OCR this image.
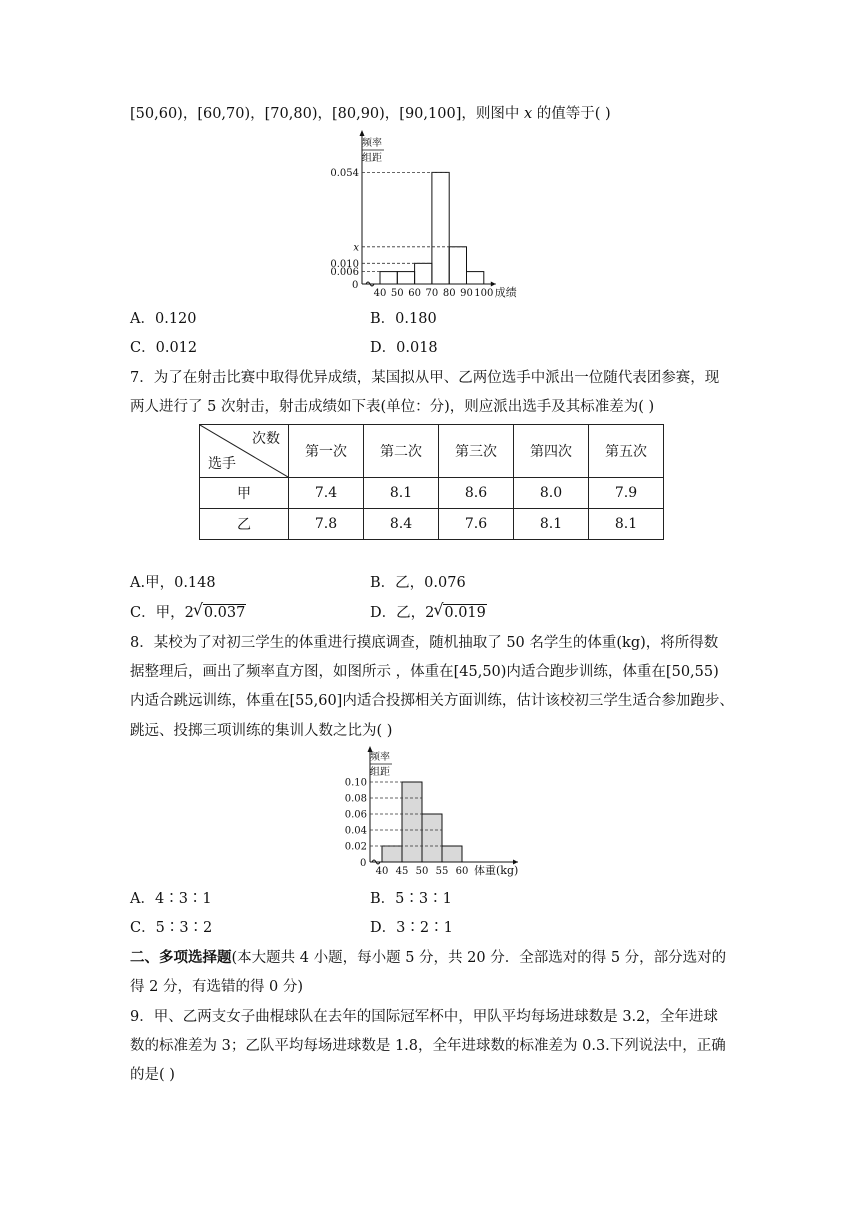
[50,60)，[60,70)，[70,80)，[80,90)，[90,100]，则图中 x 的值等于( )
频率
组距
0
0.054
x
0.010
0.006
40 50 60 70 80 90 100 成绩
A．0.120	B．0.180
C．0.012	D．0.018
7．为了在射击比赛中取得优异成绩，某国拟从甲、乙两位选手中派出一位随代表团参赛，现
两人进行了 5 次射击，射击成绩如下表(单位：分)，则应派出选手及其标准差为( )
次数
选手	第一次	第二次	第三次	第四次	第五次
甲	7.4	8.1	8.6	8.0	7.9
乙	7.8	8.4	7.6	8.1	8.1
A.甲，0.148	B．乙，0.076
C．甲，2 √ 0.037	D．乙，2 √ 0.019
8．某校为了对初三学生的体重进行摸底调查，随机抽取了 50 名学生的体重(kg)，将所得数
据整理后，画出了频率直方图，如图所示 ，体重在[45,50)内适合跑步训练，体重在[50,55)
内适合跳远训练，体重在[55,60]内适合投掷相关方面训练，估计该校初三学生适合参加跑步、
跳远、投掷三项训练的集训人数之比为( )
频率
组距
0
0.10
0.08
0.06
0.04
0.02
40 45 50 55 60 体重(kg)
A．4∶3∶1	B．5∶3∶1
C．5∶3∶2	D．3∶2∶1
二、多项选择题(本大题共 4 小题，每小题 5 分，共 20 分．全部选对的得 5 分，部分选对的
得 2 分，有选错的得 0 分)
9．甲、乙两支女子曲棍球队在去年的国际冠军杯中，甲队平均每场进球数是 3.2，全年进球
数的标准差为 3；乙队平均每场进球数是 1.8，全年进球数的标准差为 0.3.下列说法中，正确
的是( )
